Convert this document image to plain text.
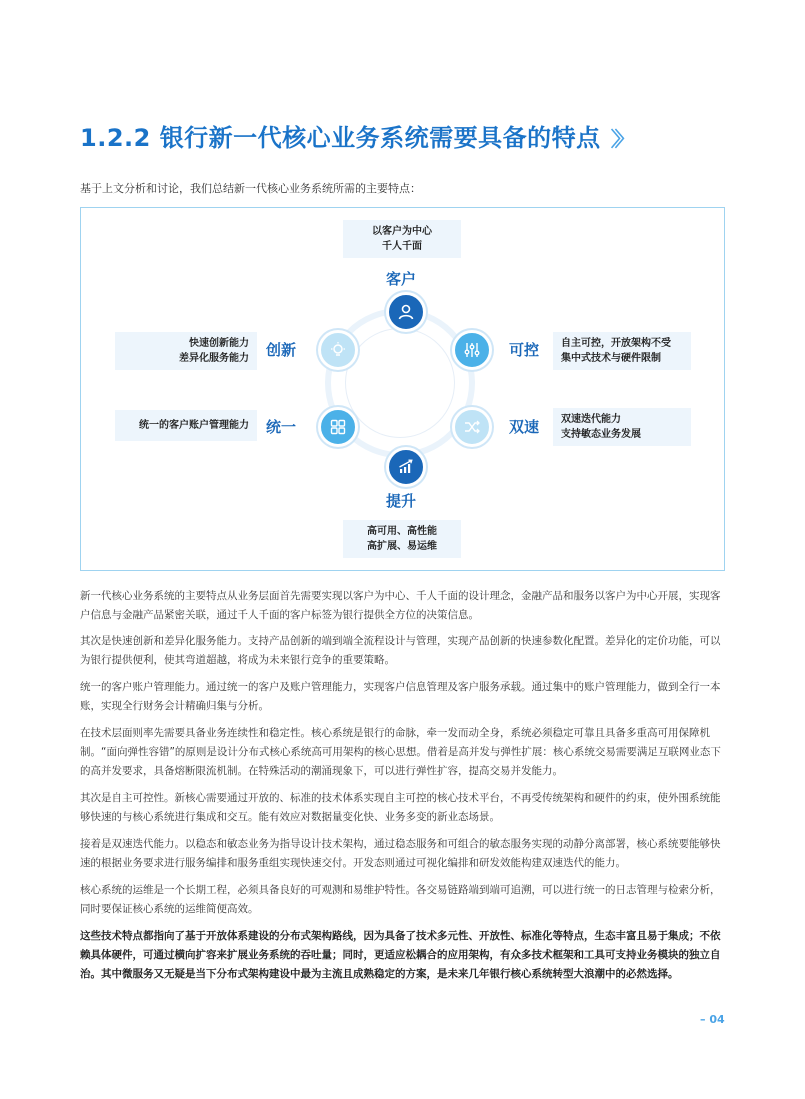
1.2.2 银行新一代核心业务系统需要具备的特点 〉〉
基于上文分析和讨论，我们总结新一代核心业务系统所需的主要特点：
以客户为中心
千人千面
客户
快速创新能力
差异化服务能力 创新	可控 自主可控，开放架构不受
集中式技术与硬件限制
统一的客户账户管理能力 统一	双速 双速迭代能力
支持敏态业务发展
提升
高可用、高性能
高扩展、易运维
新一代核心业务系统的主要特点从业务层面首先需要实现以客户为中心、千人千面的设计理念，金融产品和服务以客户为中心开展，实现客户信息与金融产品紧密关联，通过千人千面的客户标签为银行提供全方位的决策信息。
其次是快速创新和差异化服务能力。支持产品创新的端到端全流程设计与管理，实现产品创新的快速参数化配置。差异化的定价功能，可以为银行提供便利，使其弯道超越，将成为未来银行竞争的重要策略。
统一的客户账户管理能力。通过统一的客户及账户管理能力，实现客户信息管理及客户服务承载。通过集中的账户管理能力，做到全行一本账，实现全行财务会计精确归集与分析。
在技术层面则率先需要具备业务连续性和稳定性。核心系统是银行的命脉，牵一发而动全身，系统必须稳定可靠且具备多重高可用保障机制。“面向弹性容错”的原则是设计分布式核心系统高可用架构的核心思想。借着是高并发与弹性扩展：核心系统交易需要满足互联网业态下的高并发要求，具备熔断限流机制。在特殊活动的潮涌现象下，可以进行弹性扩容，提高交易并发能力。
其次是自主可控性。新核心需要通过开放的、标准的技术体系实现自主可控的核心技术平台，不再受传统架构和硬件的约束，使外围系统能够快速的与核心系统进行集成和交互。能有效应对数据量变化快、业务多变的新业态场景。
接着是双速迭代能力。以稳态和敏态业务为指导设计技术架构，通过稳态服务和可组合的敏态服务实现的动静分离部署，核心系统要能够快速的根据业务要求进行服务编排和服务重组实现快速交付。开发态则通过可视化编排和研发效能构建双速迭代的能力。
核心系统的运维是一个长期工程，必须具备良好的可观测和易维护特性。各交易链路端到端可追溯，可以进行统一的日志管理与检索分析，同时要保证核心系统的运维简便高效。
这些技术特点都指向了基于开放体系建设的分布式架构路线，因为具备了技术多元性、开放性、标准化等特点，生态丰富且易于集成；不依赖具体硬件，可通过横向扩容来扩展业务系统的吞吐量；同时，更适应松耦合的应用架构，有众多技术框架和工具可支持业务模块的独立自治。其中微服务又无疑是当下分布式架构建设中最为主流且成熟稳定的方案，是未来几年银行核心系统转型大浪潮中的必然选择。
– 04
